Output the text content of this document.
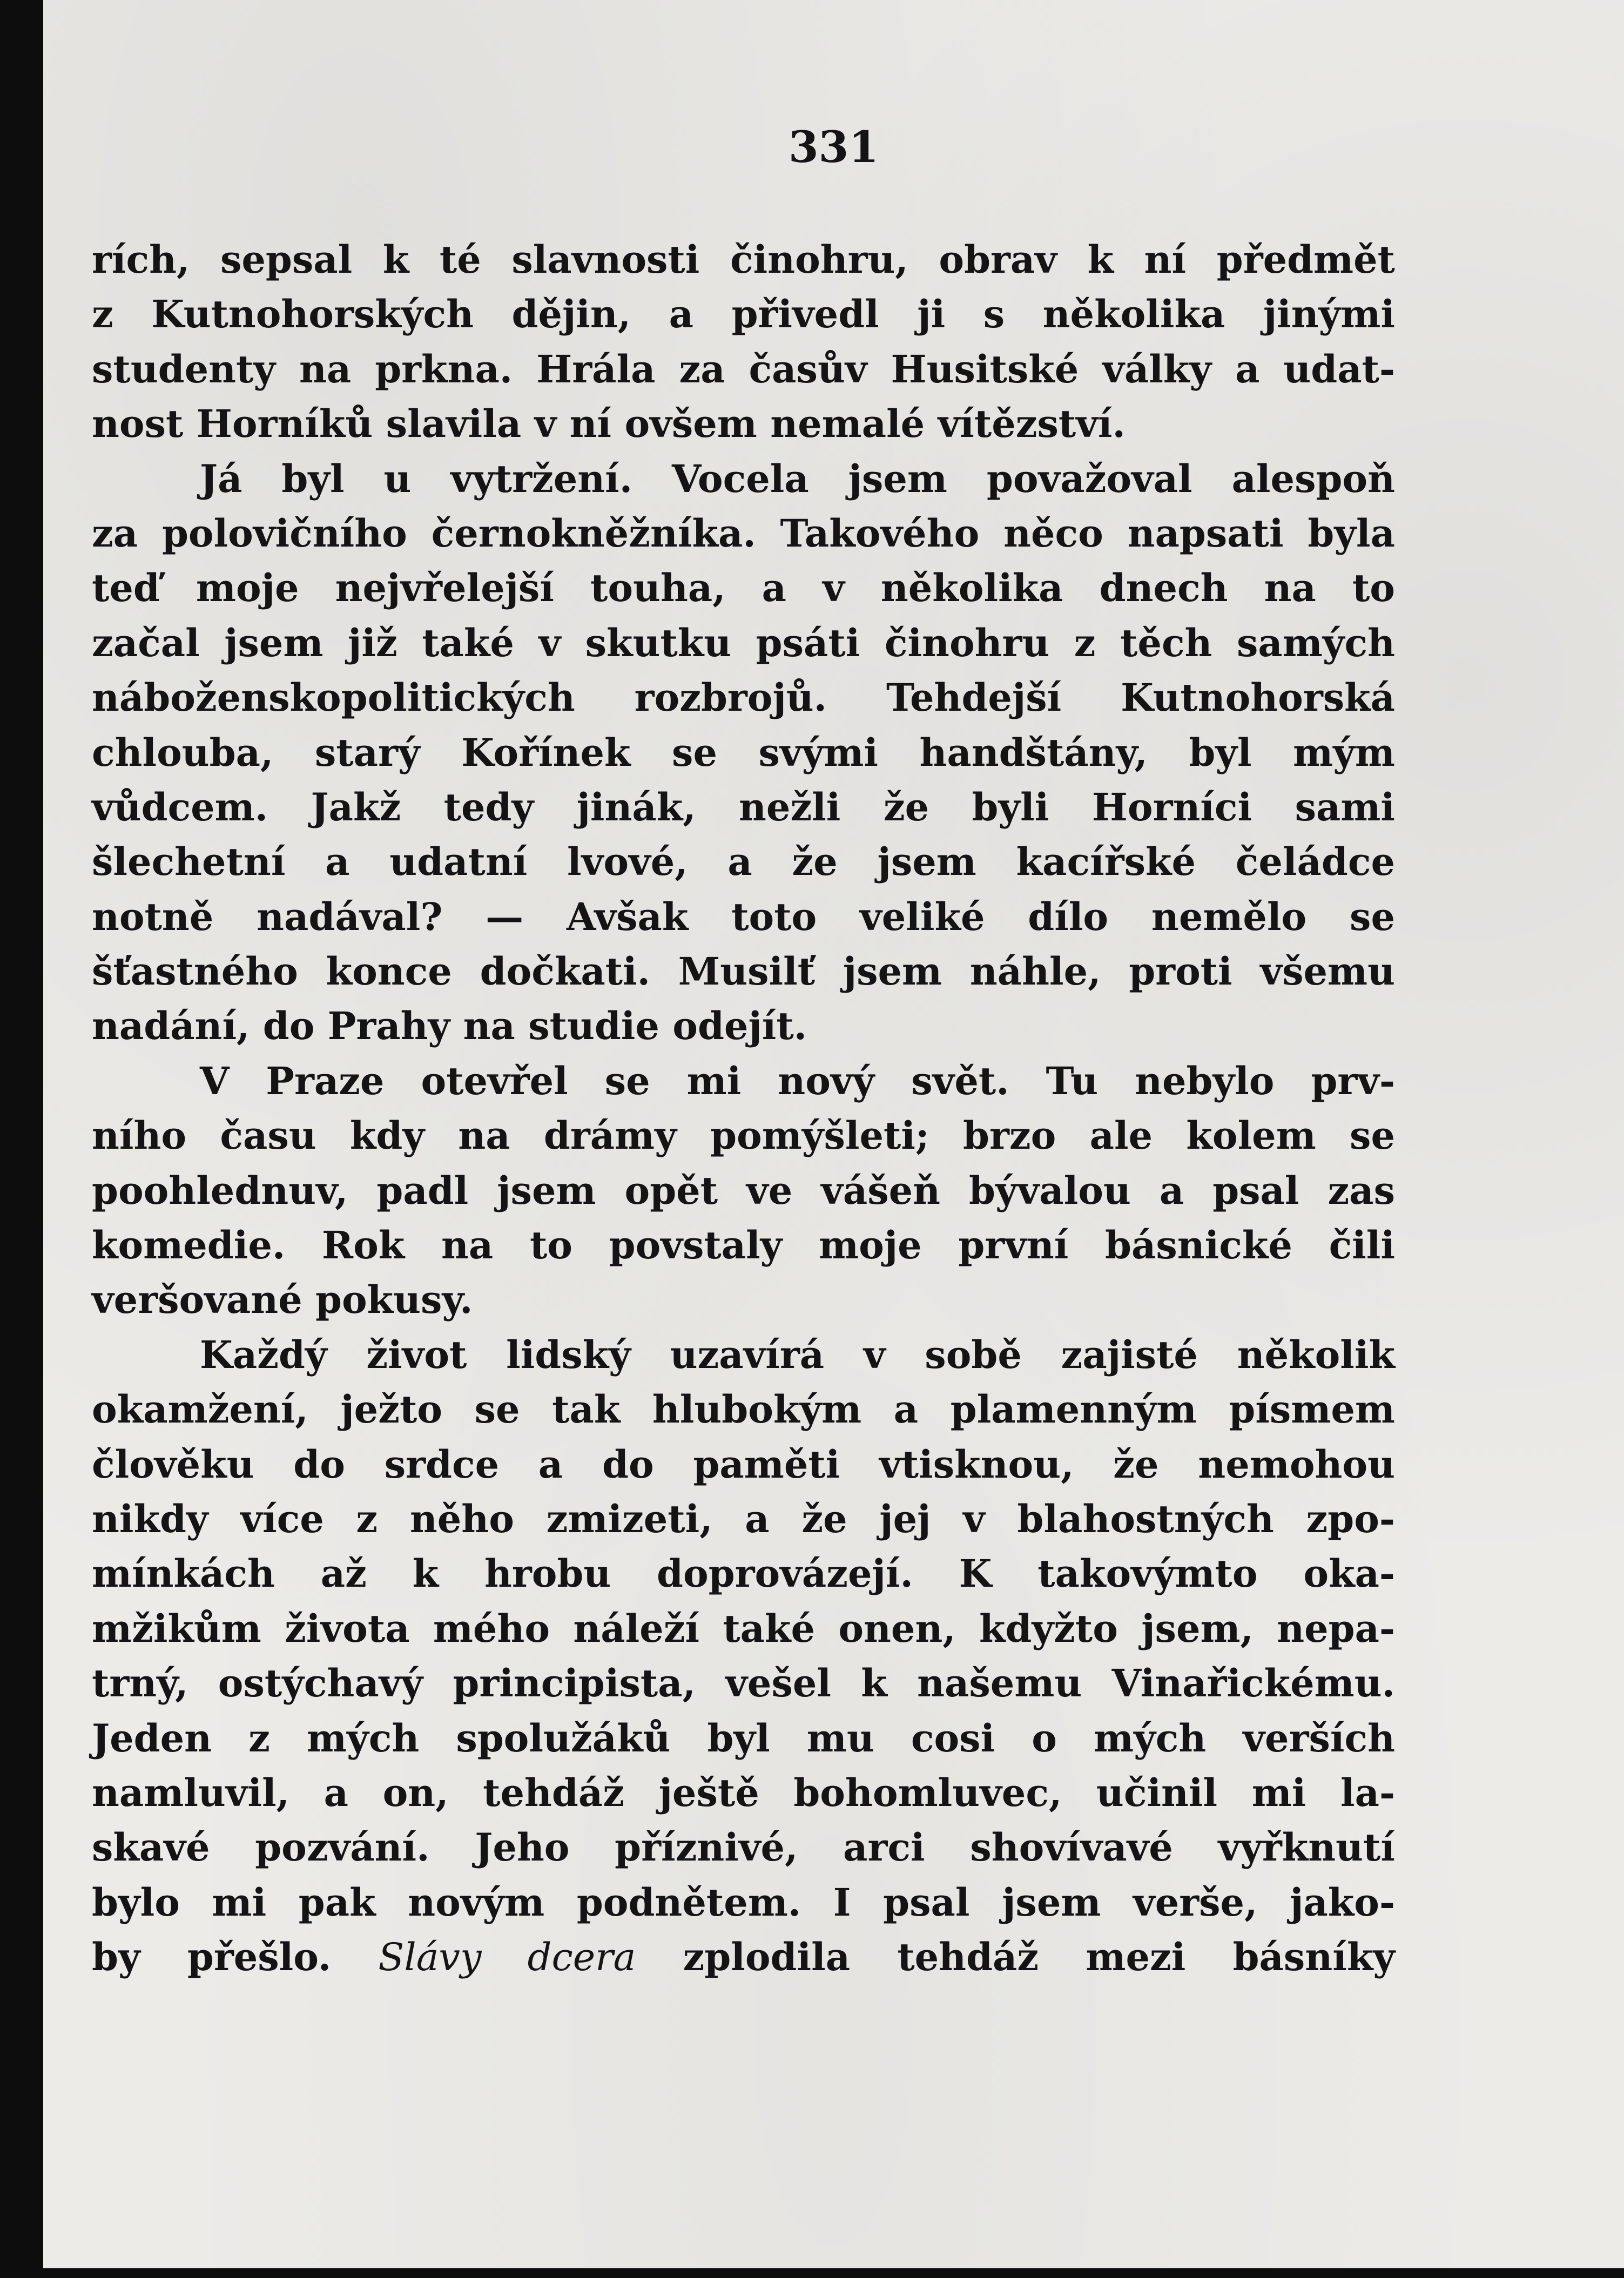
331
rích, sepsal k té slavnosti činohru, obrav k ní předmět
z Kutnohorských dějin, a přivedl ji s několika jinými
studenty na prkna. Hrála za časův Husitské války a udat-
nost Horníků slavila v ní ovšem nemalé vítězství.
Já byl u vytržení. Vocela jsem považoval alespoň
za polovičního černokněžníka. Takového něco napsati byla
teď moje nejvřelejší touha, a v několika dnech na to
začal jsem již také v skutku psáti činohru z těch samých
náboženskopolitických rozbrojů. Tehdejší Kutnohorská
chlouba, starý Kořínek se svými handštány, byl mým
vůdcem. Jakž tedy jinák, nežli že byli Horníci sami
šlechetní a udatní lvové, a že jsem kacířské čeládce
notně nadával? — Avšak toto veliké dílo nemělo se
šťastného konce dočkati. Musilť jsem náhle, proti všemu
nadání, do Prahy na studie odejít.
V Praze otevřel se mi nový svět. Tu nebylo prv-
ního času kdy na drámy pomýšleti; brzo ale kolem se
poohlednuv, padl jsem opět ve vášeň bývalou a psal zas
komedie. Rok na to povstaly moje první básnické čili
veršované pokusy.
Každý život lidský uzavírá v sobě zajisté několik
okamžení, ježto se tak hlubokým a plamenným písmem
člověku do srdce a do paměti vtisknou, že nemohou
nikdy více z něho zmizeti, a že jej v blahostných zpo-
mínkách až k hrobu doprovázejí. K takovýmto oka-
mžikům života mého náleží také onen, kdyžto jsem, nepa-
trný, ostýchavý principista, vešel k našemu Vinařickému.
Jeden z mých spolužáků byl mu cosi o mých verších
namluvil, a on, tehdáž ještě bohomluvec, učinil mi la-
skavé pozvání. Jeho příznivé, arci shovívavé vyřknutí
bylo mi pak novým podnětem. I psal jsem verše, jako-
by přešlo. Slávy dcera zplodila tehdáž mezi básníky
